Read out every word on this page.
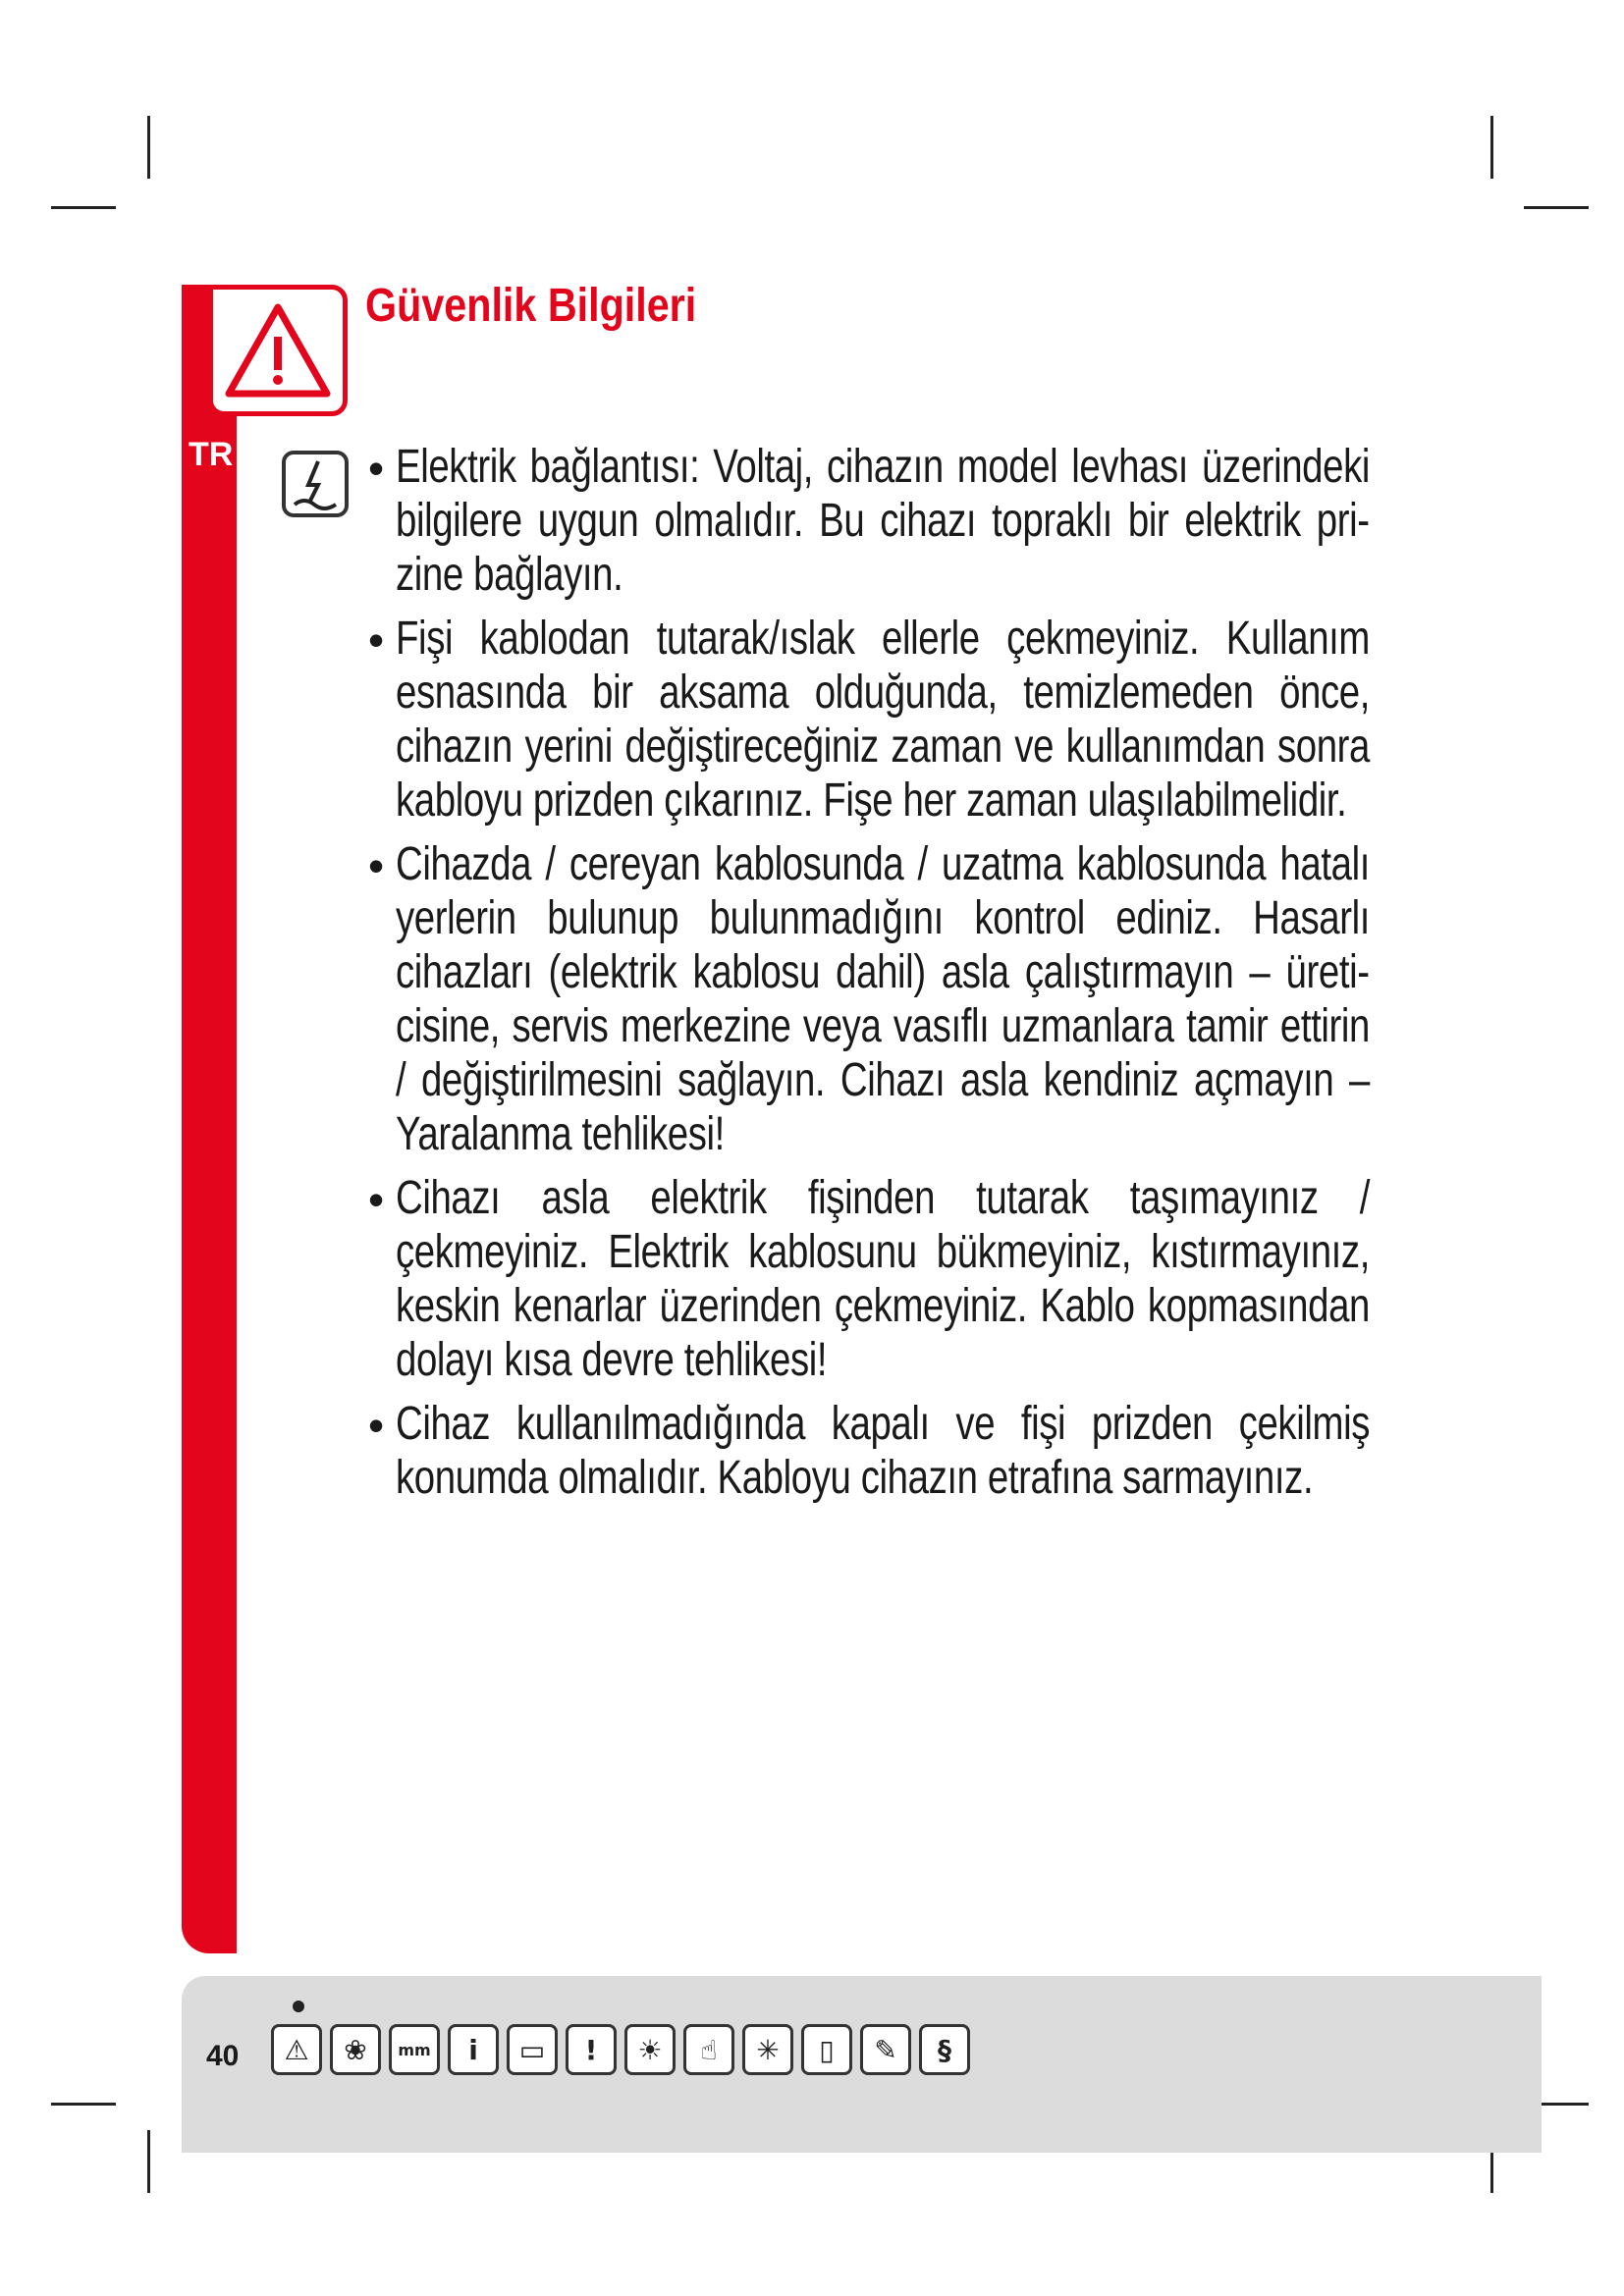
TR
Güvenlik Bilgileri
• Elektrik bağlantısı: Voltaj, cihazın model levhası üzerindeki bilgilere uygun olmalıdır. Bu cihazı topraklı bir elektrik prizine bağlayın.

• Fişi kablodan tutarak/ıslak ellerle çekmeyiniz. Kullanım esnasında bir aksama olduğunda, temizlemeden önce, cihazın yerini değiştireceğiniz zaman ve kullanımdan sonra kabloyu prizden çıkarınız. Fişe her zaman ulaşılabilmelidir.

• Cihazda / cereyan kablosunda / uzatma kablosunda hatalı yerlerin bulunup bulunmadığını kontrol ediniz. Hasarlı cihazları (elektrik kablosu dahil) asla çalıştırmayın – üreticisine, servis merkezine veya vasıflı uzmanlara tamir ettirin / değiştirilmesini sağlayın. Cihazı asla kendiniz açmayın – Yaralanma tehlikesi!

• Cihazı asla elektrik fişinden tutarak taşımayınız / çekmeyiniz. Elektrik kablosunu bükmeyiniz, kıstırmayınız, keskin kenarlar üzerinden çekmeyiniz. Kablo kopmasından dolayı kısa devre tehlikesi!

• Cihaz kullanılmadığında kapalı ve fişi prizden çekilmiş konumda olmalıdır. Kabloyu cihazın etrafına sarmayınız.

40	⚠	❀	mm	i	▭	!	☀	☝	✳	▯	✎	§
